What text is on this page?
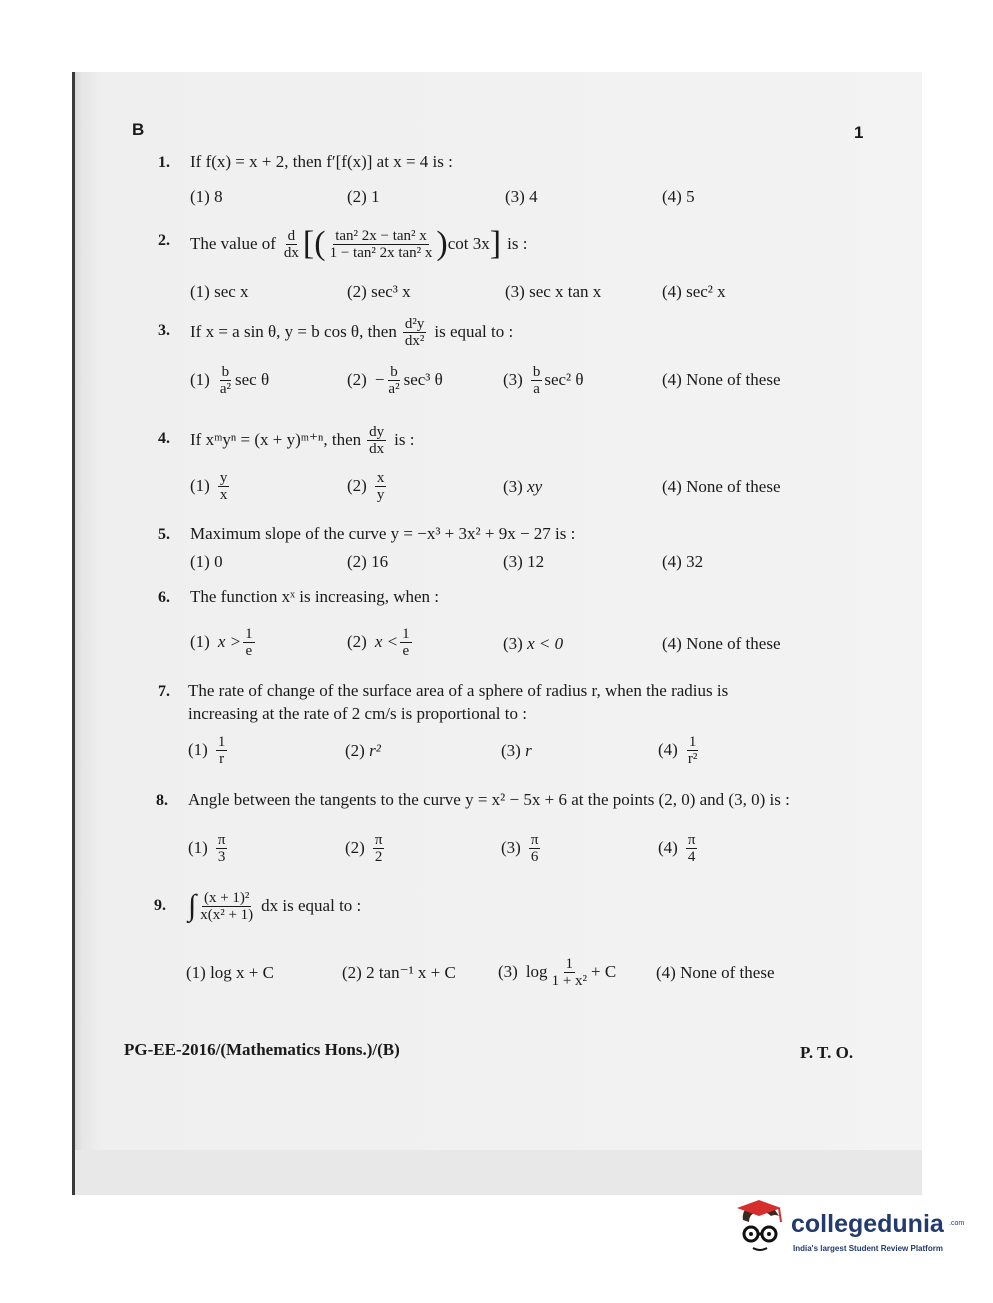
B	1
1. If f(x) = x + 2, then f′[f(x)] at x = 4 is :
(1) 8	(2) 1	(3) 4	(4) 5
2. The value of $\frac{d}{dx}$ [( $\frac{\text{tan² 2x − tan² x}}{\text{1 − tan² 2x tan² x}}$ ) cot 3x ] is :
(1) sec x	(2) sec³ x	(3) sec x tan x	(4) sec² x
3. If x = a sin θ, y = b cos θ, then $\frac{\text{d²y}}{\text{dx²}}$ is equal to :
$(1) \frac{b}{\text{a²}}$ sec θ	$(2) - \frac{b}{\text{a²}} \sec^3$ θ	$(3) \frac{b}{a} \sec^2$ θ	(4) None of these
4. If xᵐyⁿ = (x + y)ᵐ⁺ⁿ, then $\frac{dy}{dx}$ is :
$(1) \frac{y}{x}$	$(2) \frac{x}{y}$	(3) xy	(4) None of these
5. Maximum slope of the curve y = −x³ + 3x² + 9x − 27 is :
(1) 0	(2) 16	(3) 12	(4) 32
6. The function xˣ is increasing, when :
(1) $x > \frac{1}{e}$	(2) $x < \frac{1}{e}$	(3) x < 0	(4) None of these
7. The rate of change of the surface area of a sphere of radius r, when the radius is
increasing at the rate of 2 cm/s is proportional to :
$(1) \frac{1}{r}$	(2) r²	(3) r	$(4) \frac{1}{\text{r²}}$
8. Angle between the tangents to the curve y = x² − 5x + 6 at the points (2, 0) and (3, 0) is :
$(1) \frac{\pi}{3}$	$(2) \frac{\pi}{2}$	$(3) \frac{\pi}{6}$	$(4) \frac{\pi}{4}$
9. ∫ $\frac{\text{(x + 1)²}}{\text{x(x² + 1)}}$ dx is equal to :
(1) log x + C	(2) 2 tan⁻¹ x + C (3) $\log \frac{1}{\text{1 + x²}} + C$ (4) None of these
PG-EE-2016/(Mathematics Hons.)/(B)	P. T. O.
collegedunia .com
India's largest Student Review Platform
